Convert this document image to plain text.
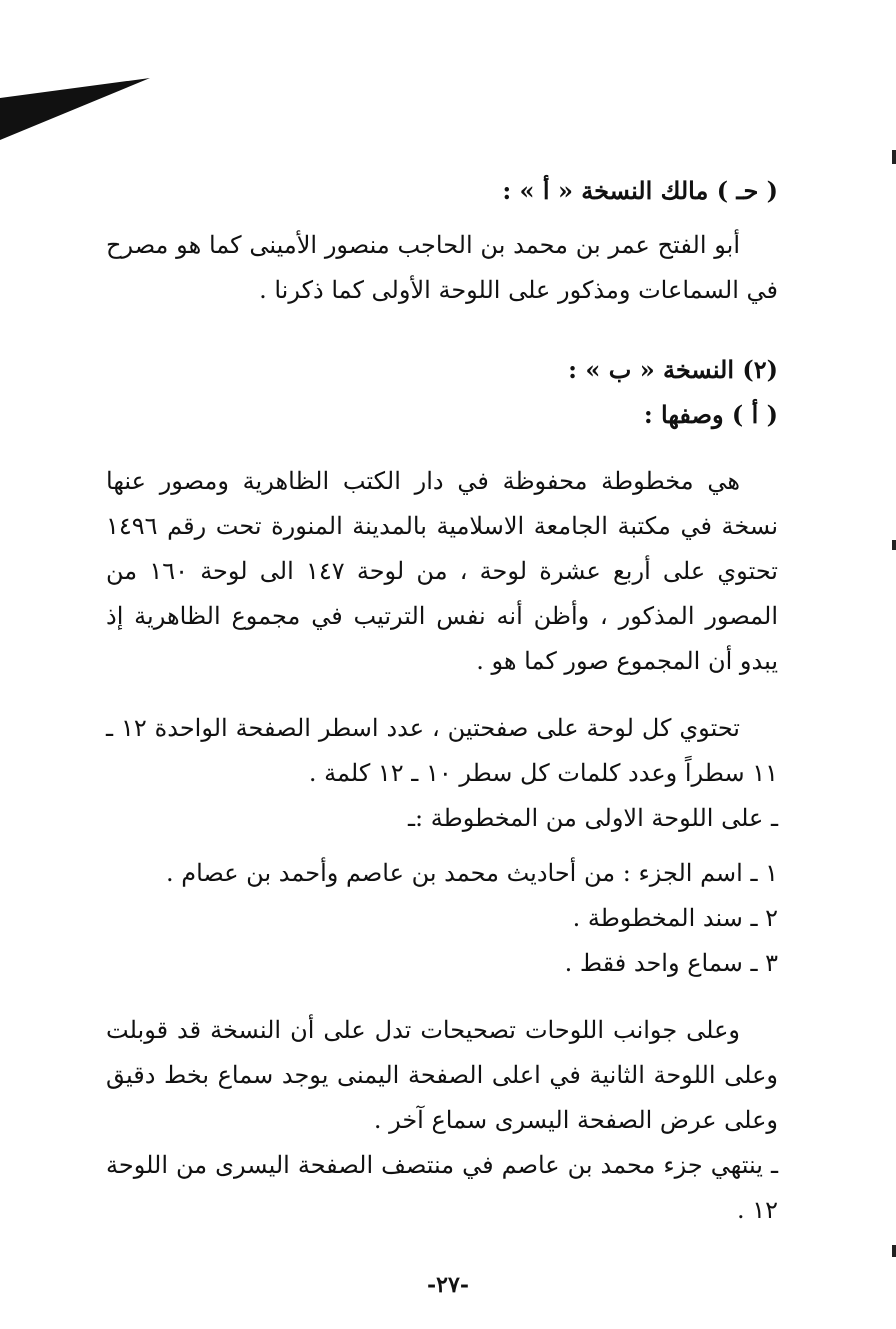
( حـ ) مالك النسخة « أ » :

أبو الفتح عمر بن محمد بن الحاجب منصور الأمينى كما هو مصرح في السماعات ومذكور على اللوحة الأولى كما ذكرنا .

(٢) النسخة « ب » :

( أ ) وصفها :

هي مخطوطة محفوظة في دار الكتب الظاهرية ومصور عنها نسخة في مكتبة الجامعة الاسلامية بالمدينة المنورة تحت رقم ١٤٩٦ تحتوي على أربع عشرة لوحة ، من لوحة ١٤٧ الى لوحة ١٦٠ من المصور المذكور ، وأظن أنه نفس الترتيب في مجموع الظاهرية إذ يبدو أن المجموع صور كما هو .

تحتوي كل لوحة على صفحتين ، عدد اسطر الصفحة الواحدة ١٢ ـ ١١ سطراً وعدد كلمات كل سطر ١٠ ـ ١٢ كلمة .

ـ على اللوحة الاولى من المخطوطة :ـ

١ ـ اسم الجزء : من أحاديث محمد بن عاصم وأحمد بن عصام .

٢ ـ سند المخطوطة .

٣ ـ سماع واحد فقط .

وعلى جوانب اللوحات تصحيحات تدل على أن النسخة قد قوبلت وعلى اللوحة الثانية في اعلى الصفحة اليمنى يوجد سماع بخط دقيق وعلى عرض الصفحة اليسرى سماع آخر .

ـ ينتهي جزء محمد بن عاصم في منتصف الصفحة اليسرى من اللوحة ١٢ .

-٢٧-
